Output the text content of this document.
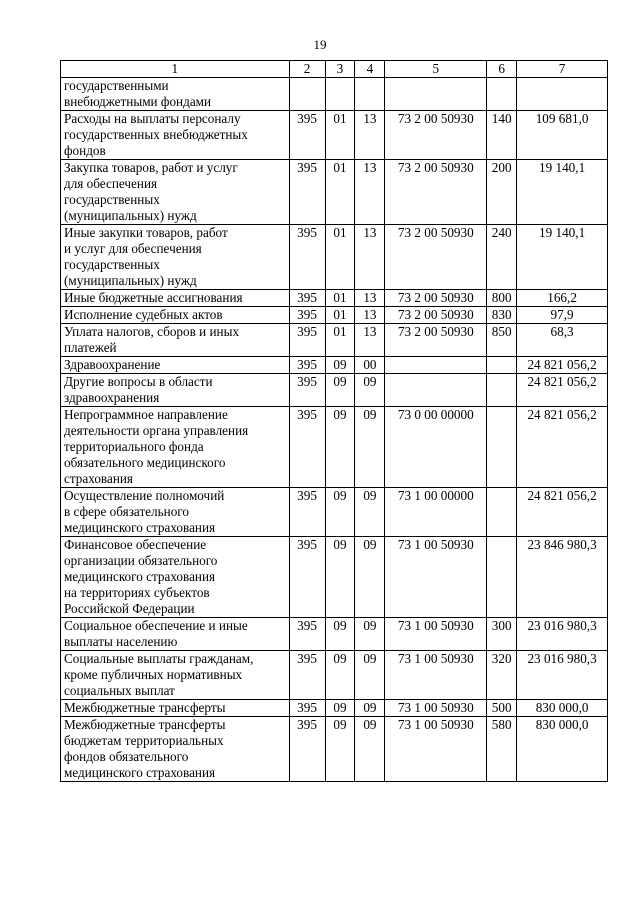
19
1	2	3	4	5	6	7
государственными
внебюджетными фондами						
Расходы на выплаты персоналу государственных внебюджетных фондов	395	01	13	73 2 00 50930	140	109 681,0
Закупка товаров, работ и услуг
для обеспечения
государственных
(муниципальных) нужд	395	01	13	73 2 00 50930	200	19 140,1
Иные закупки товаров, работ
и услуг для обеспечения
государственных
(муниципальных) нужд	395	01	13	73 2 00 50930	240	19 140,1
Иные бюджетные ассигнования	395	01	13	73 2 00 50930	800	166,2
Исполнение судебных актов	395	01	13	73 2 00 50930	830	97,9
Уплата налогов, сборов и иных платежей	395	01	13	73 2 00 50930	850	68,3
Здравоохранение	395	09	00			24 821 056,2
Другие вопросы в области здравоохранения	395	09	09			24 821 056,2
Непрограммное направление деятельности органа управления территориального фонда обязательного медицинского страхования	395	09	09	73 0 00 00000		24 821 056,2
Осуществление полномочий
в сфере обязательного
медицинского страхования	395	09	09	73 1 00 00000		24 821 056,2
Финансовое обеспечение
организации обязательного
медицинского страхования
на территориях субъектов
Российской Федерации	395	09	09	73 1 00 50930		23 846 980,3
Социальное обеспечение и иные выплаты населению	395	09	09	73 1 00 50930	300	23 016 980,3
Социальные выплаты гражданам, кроме публичных нормативных социальных выплат	395	09	09	73 1 00 50930	320	23 016 980,3
Межбюджетные трансферты	395	09	09	73 1 00 50930	500	830 000,0
Межбюджетные трансферты
бюджетам территориальных
фондов обязательного
медицинского страхования	395	09	09	73 1 00 50930	580	830 000,0
